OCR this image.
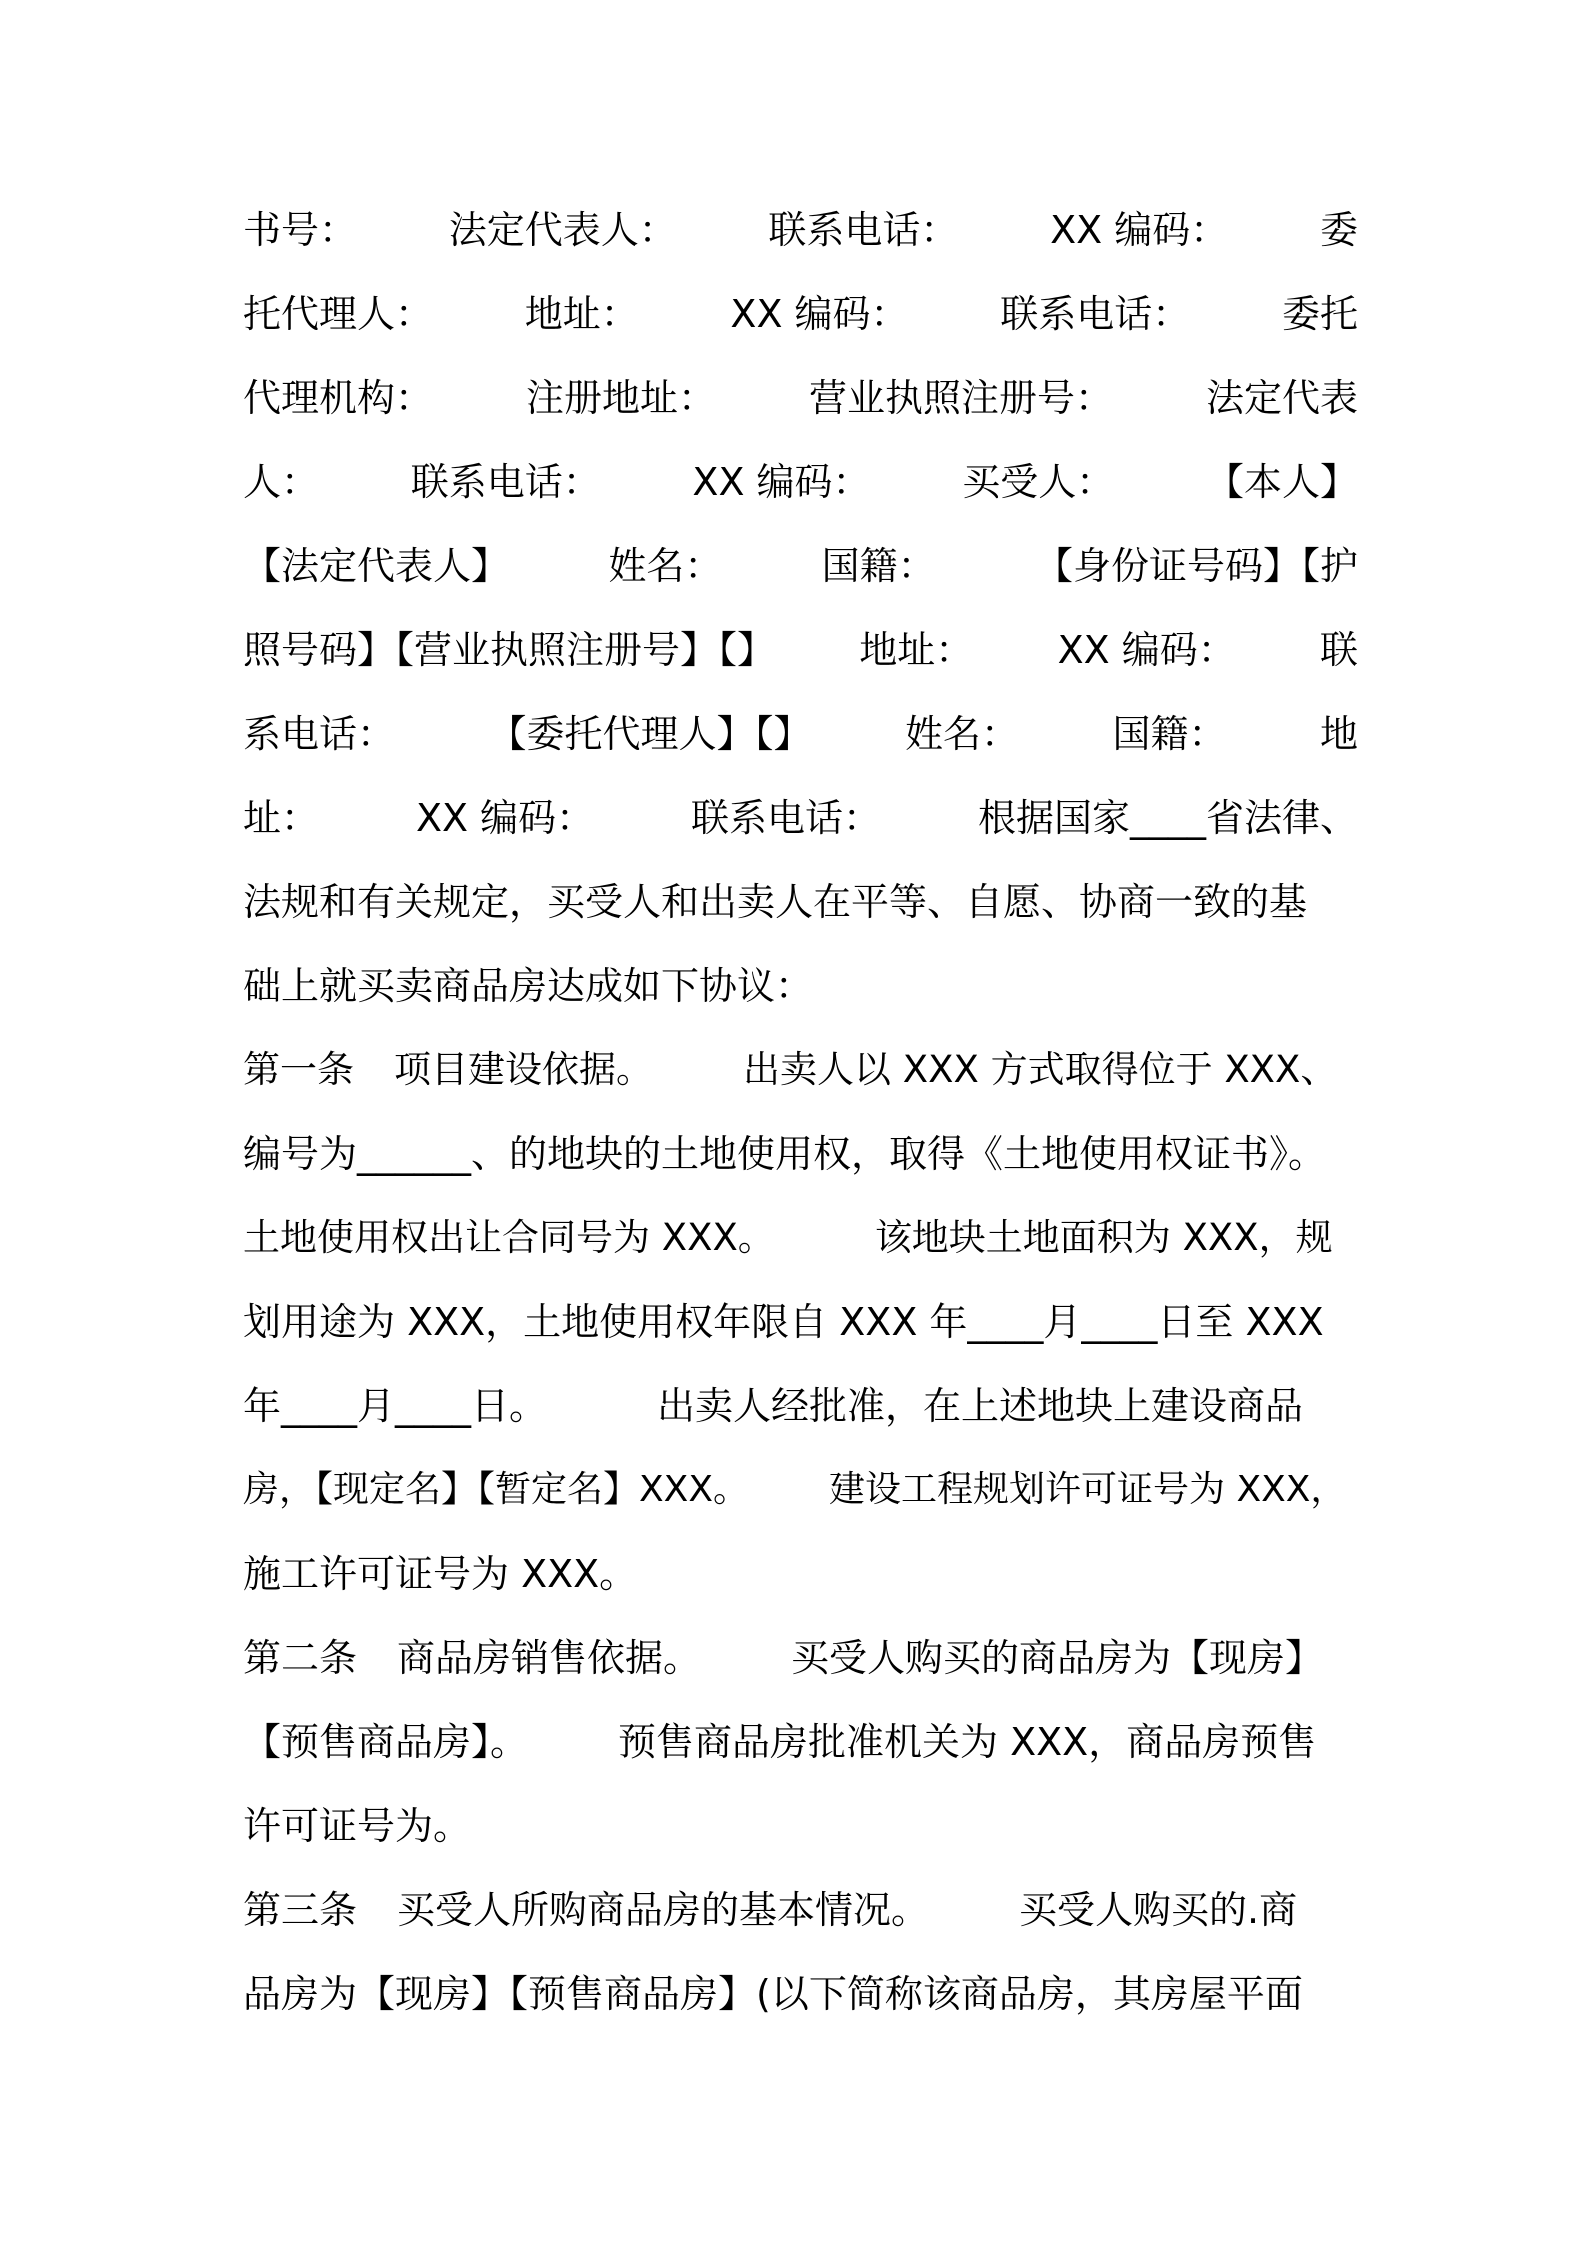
书号： 法定代表人： 联系电话： XX 编码： 委
托代理人： 地址： XX 编码： 联系电话： 委托
代理机构： 注册地址： 营业执照注册号： 法定代表
人： 联系电话： XX 编码： 买受人： 【本人】
【法定代表人】	姓名：	国籍：	【身份证号码】【护
照号码】【营业执照注册号】【】 地址： XX 编码： 联
系电话： 【委托代理人】【】 姓名： 国籍： 地
址：	XX 编码：	联系电话：	根据国家____省法律、
法规和有关规定，买受人和出卖人在平等、自愿、协商一致的基
础上就买卖商品房达成如下协议：
第一条 项目建设依据。 出卖人以 XXX 方式取得位于 XXX、
编号为______、的地块的土地使用权，取得《土地使用权证书》。
土地使用权出让合同号为 XXX。	该地块土地面积为 XXX，规
划用途为 XXX，土地使用权年限自 XXX 年____月____日至 XXX
年____月____日。	出卖人经批准，在上述地块上建设商品
房，【现定名】【暂定名】XXX。 建设工程规划许可证号为 XXX，
施工许可证号为 XXX。
第二条 商品房销售依据。 买受人购买的商品房为【现房】
【预售商品房】。 预售商品房批准机关为 XXX，商品房预售
许可证号为。
第三条 买受人所购商品房的基本情况。 买受人购买的.商
品房为【现房】【预售商品房】(以下简称该商品房，其房屋平面
